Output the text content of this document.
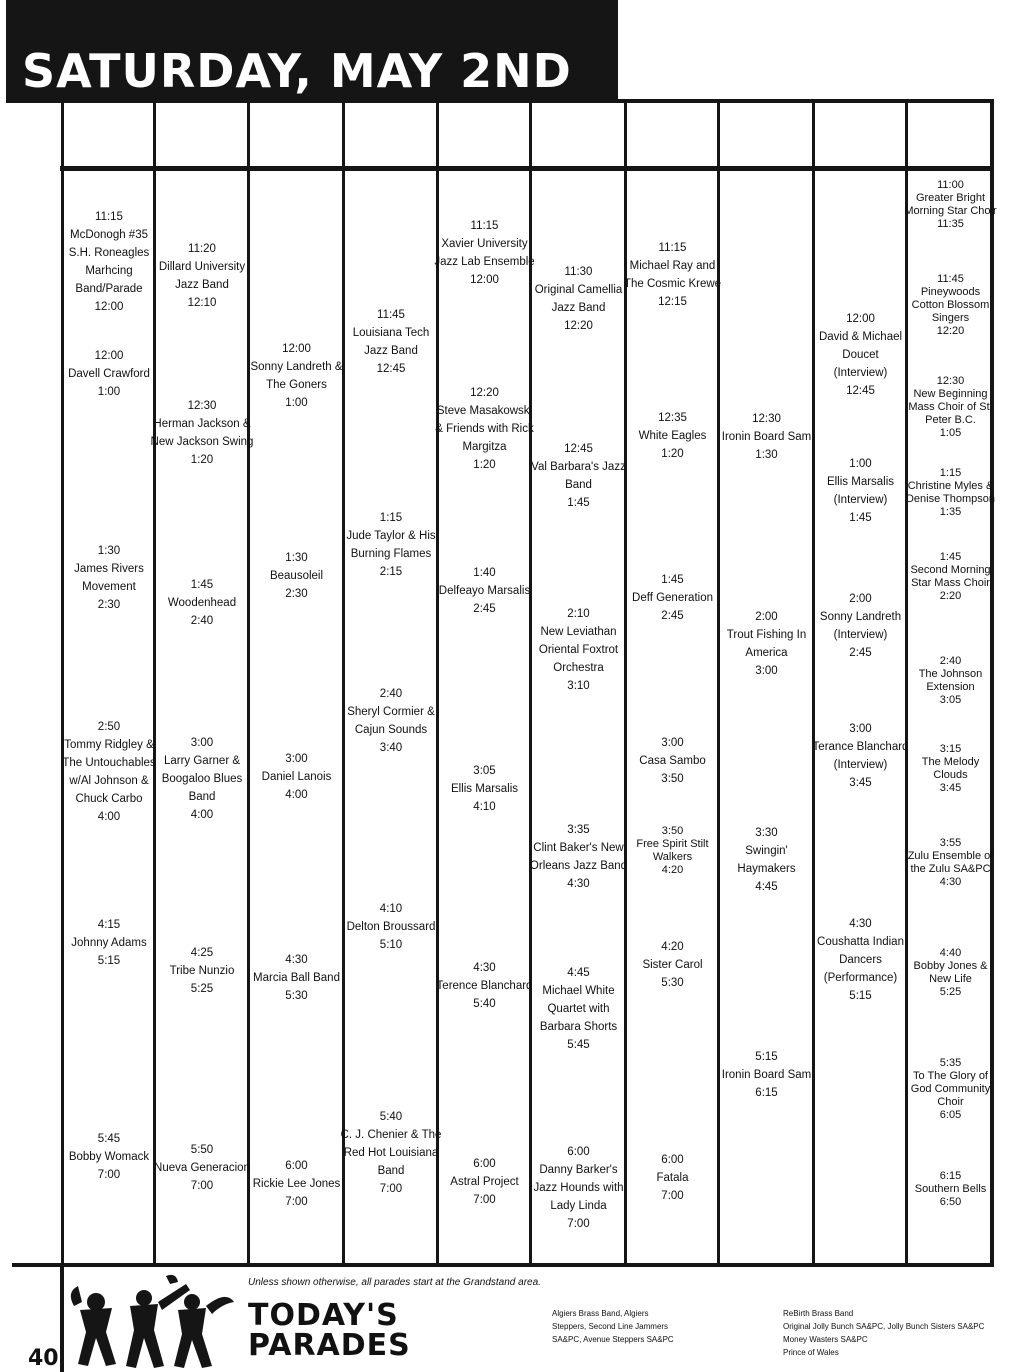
SATURDAY, MAY 2ND
11:15
McDonogh #35
S.H. Roneagles
Marhcing
Band/Parade
12:00
12:00
Davell Crawford
1:00
1:30
James Rivers
Movement
2:30
2:50
Tommy Ridgley &
The Untouchables
w/Al Johnson &
Chuck Carbo
4:00
4:15
Johnny Adams
5:15
5:45
Bobby Womack
7:00
11:20
Dillard University
Jazz Band
12:10
12:30
Herman Jackson &
New Jackson Swing
1:20
1:45
Woodenhead
2:40
3:00
Larry Garner &
Boogaloo Blues
Band
4:00
4:25
Tribe Nunzio
5:25
5:50
Nueva Generacion
7:00
12:00
Sonny Landreth &
The Goners
1:00
1:30
Beausoleil
2:30
3:00
Daniel Lanois
4:00
4:30
Marcia Ball Band
5:30
6:00
Rickie Lee Jones
7:00
11:45
Louisiana Tech
Jazz Band
12:45
1:15
Jude Taylor & His
Burning Flames
2:15
2:40
Sheryl Cormier &
Cajun Sounds
3:40
4:10
Delton Broussard
5:10
5:40
C. J. Chenier & The
Red Hot Louisiana
Band
7:00
11:15
Xavier University
Jazz Lab Ensemble
12:00
12:20
Steve Masakowski
& Friends with Rick
Margitza
1:20
1:40
Delfeayo Marsalis
2:45
3:05
Ellis Marsalis
4:10
4:30
Terence Blanchard
5:40
6:00
Astral Project
7:00
11:30
Original Camellia
Jazz Band
12:20
12:45
Val Barbara's Jazz
Band
1:45
2:10
New Leviathan
Oriental Foxtrot
Orchestra
3:10
3:35
Clint Baker's New
Orleans Jazz Band
4:30
4:45
Michael White
Quartet with
Barbara Shorts
5:45
6:00
Danny Barker's
Jazz Hounds with
Lady Linda
7:00
11:15
Michael Ray and
The Cosmic Krewe
12:15
12:35
White Eagles
1:20
1:45
Deff Generation
2:45
3:00
Casa Sambo
3:50
3:50
Free Spirit Stilt
Walkers
4:20
4:20
Sister Carol
5:30
6:00
Fatala
7:00
12:30
Ironin Board Sam
1:30
2:00
Trout Fishing In
America
3:00
3:30
Swingin'
Haymakers
4:45
5:15
Ironin Board Sam
6:15
12:00
David & Michael
Doucet
(Interview)
12:45
1:00
Ellis Marsalis
(Interview)
1:45
2:00
Sonny Landreth
(Interview)
2:45
3:00
Terance Blanchard
(Interview)
3:45
4:30
Coushatta Indian
Dancers
(Performance)
5:15
11:00
Greater Bright
Morning Star Choir
11:35
11:45
Pineywoods
Cotton Blossom
Singers
12:20
12:30
New Beginning
Mass Choir of St.
Peter B.C.
1:05
1:15
Christine Myles &
Denise Thompson
1:35
1:45
Second Morning
Star Mass Choir
2:20
2:40
The Johnson
Extension
3:05
3:15
The Melody
Clouds
3:45
3:55
Zulu Ensemble of
the Zulu SA&PC
4:30
4:40
Bobby Jones &
New Life
5:25
5:35
To The Glory of
God Community
Choir
6:05
6:15
Southern Bells
6:50
40
Unless shown otherwise, all parades start at the Grandstand area.
TODAY'S
PARADES
Algiers Brass Band, Algiers
Steppers, Second Line Jammers
SA&PC, Avenue Steppers SA&PC
ReBirth Brass Band
Original Jolly Bunch SA&PC, Jolly Bunch Sisters SA&PC
Money Wasters SA&PC
Prince of Wales
